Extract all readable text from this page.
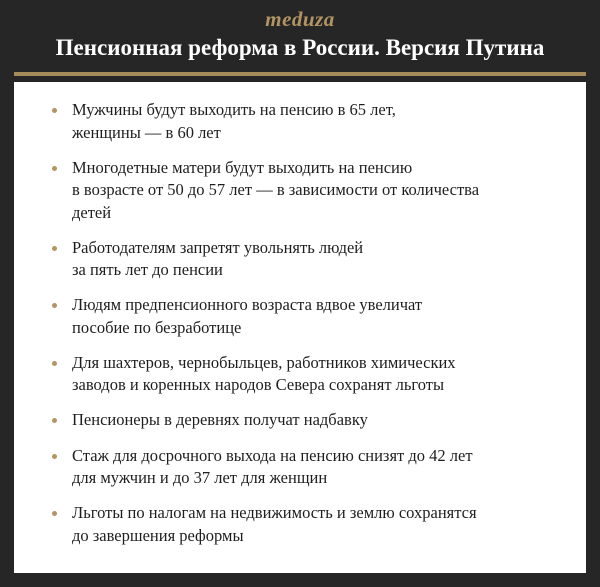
meduza
Пенсионная реформа в России. Версия Путина
Мужчины будут выходить на пенсию в 65 лет,
женщины — в 60 лет
Многодетные матери будут выходить на пенсию
в возрасте от 50 до 57 лет — в зависимости от количества
детей
Работодателям запретят увольнять людей
за пять лет до пенсии
Людям предпенсионного возраста вдвое увеличат
пособие по безработице
Для шахтеров, чернобыльцев, работников химических
заводов и коренных народов Севера сохранят льготы
Пенсионеры в деревнях получат надбавку
Стаж для досрочного выхода на пенсию снизят до 42 лет
для мужчин и до 37 лет для женщин
Льготы по налогам на недвижимость и землю сохранятся
до завершения реформы
